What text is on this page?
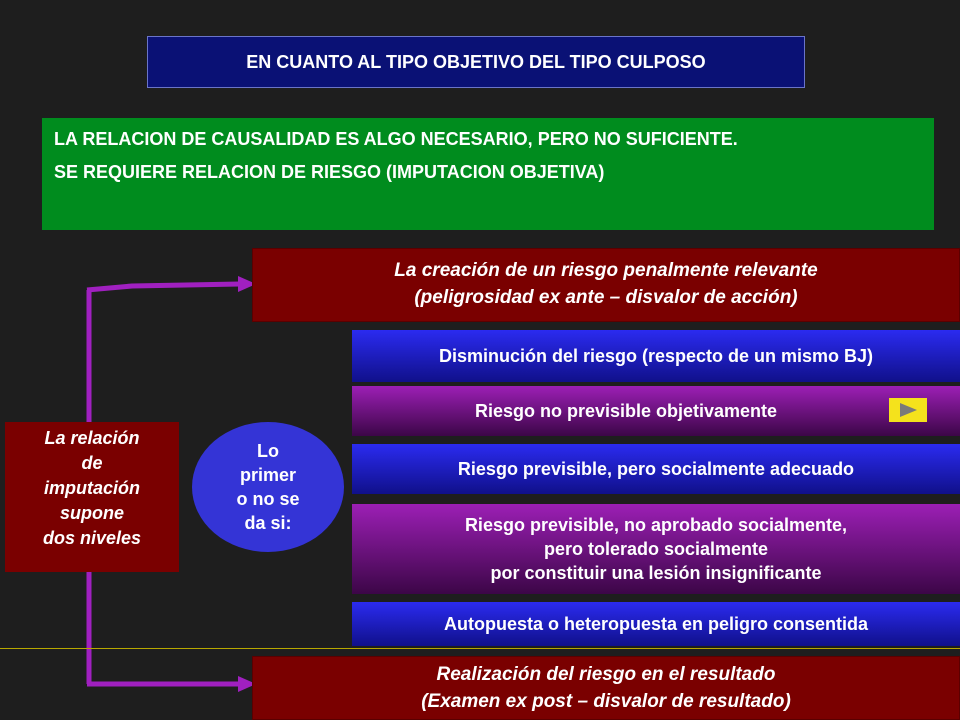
EN CUANTO AL TIPO OBJETIVO DEL TIPO CULPOSO

LA RELACION DE CAUSALIDAD ES ALGO NECESARIO, PERO NO SUFICIENTE.

SE REQUIERE RELACION DE RIESGO (IMPUTACION OBJETIVA)

La creación de un riesgo penalmente relevante
(peligrosidad ex ante – disvalor de acción)
Disminución del riesgo (respecto de un mismo BJ)
Riesgo no previsible objetivamente
La relación
de
imputación
supone
dos niveles
Lo
primer
o no se
da si:
Riesgo previsible, pero socialmente adecuado
Riesgo previsible, no aprobado socialmente,
pero tolerado socialmente
por constituir una lesión insignificante
Autopuesta o heteropuesta en peligro consentida
Realización del riesgo en el resultado
(Examen ex post – disvalor de resultado)
